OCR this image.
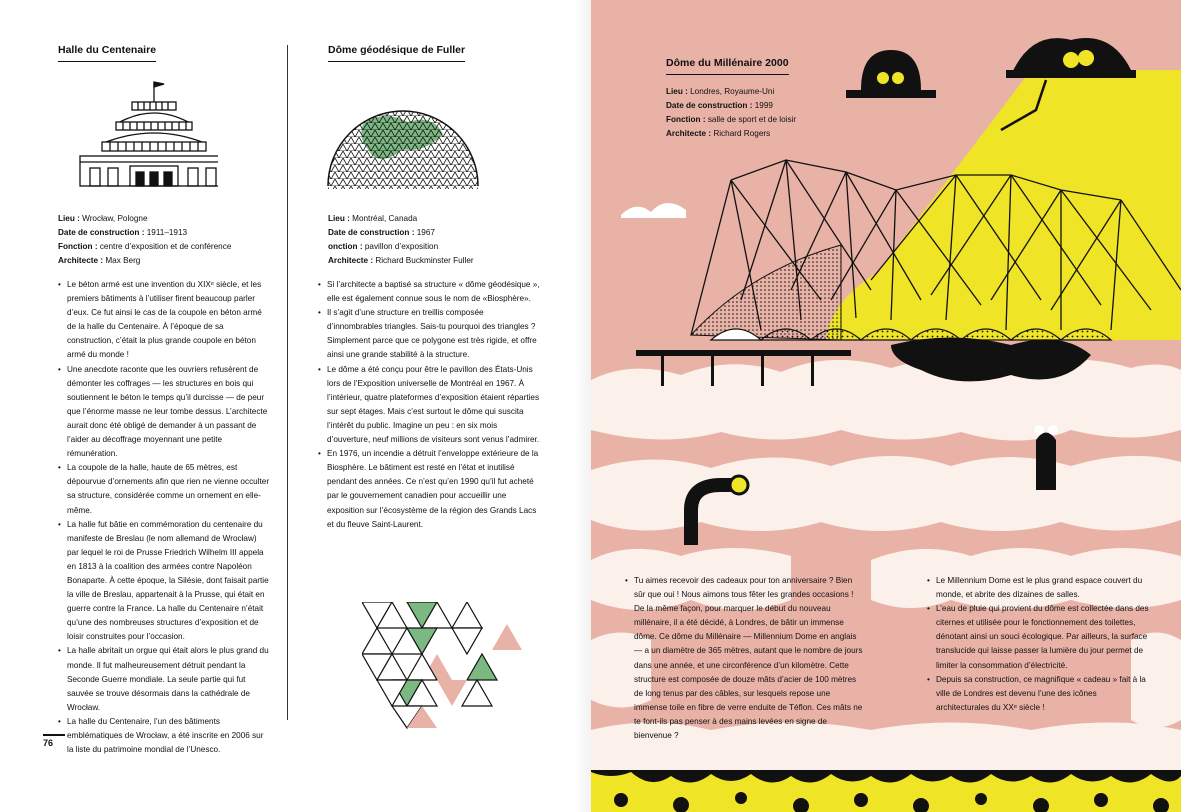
Halle du Centenaire
Lieu : Wrocław, Pologne
Date de construction : 1911–1913
Fonction : centre d’exposition et de conférence
Architecte : Max Berg
• Le béton armé est une invention du XIXᵉ siècle, et les premiers bâtiments à l’utiliser firent beaucoup parler d’eux. Ce fut ainsi le cas de la coupole en béton armé de la halle du Centenaire. À l’époque de sa construction, c’était la plus grande coupole en béton armé du monde !
• Une anecdote raconte que les ouvriers refusèrent de démonter les coffrages — les structures en bois qui soutiennent le béton le temps qu’il durcisse — de peur que l’énorme masse ne leur tombe dessus. L’architecte aurait donc été obligé de demander à un passant de l’aider au décoffrage moyennant une petite rémunération.
• La coupole de la halle, haute de 65 mètres, est dépourvue d’ornements afin que rien ne vienne occulter sa structure, considérée comme un ornement en elle-même.
• La halle fut bâtie en commémoration du centenaire du manifeste de Breslau (le nom allemand de Wrocław) par lequel le roi de Prusse Friedrich Wilhelm III appela en 1813 à la coalition des armées contre Napoléon Bonaparte. À cette époque, la Silésie, dont faisait partie la ville de Breslau, appartenait à la Prusse, qui était en guerre contre la France. La halle du Centenaire n’était qu’une des nombreuses structures d’exposition et de loisir construites pour l’occasion.
• La halle abritait un orgue qui était alors le plus grand du monde. Il fut malheureusement détruit pendant la Seconde Guerre mondiale. La seule partie qui fut sauvée se trouve désormais dans la cathédrale de Wrocław.
• La halle du Centenaire, l’un des bâtiments emblématiques de Wrocław, a été inscrite en 2006 sur la liste du patrimoine mondial de l’Unesco.
Dôme géodésique de Fuller
Lieu : Montréal, Canada
Date de construction : 1967
onction : pavillon d’exposition
Architecte : Richard Buckminster Fuller
• Si l’architecte a baptisé sa structure « dôme géodésique », elle est également connue sous le nom de «Biosphère».
• Il s’agit d’une structure en treillis composée d’innombrables triangles. Sais-tu pourquoi des triangles ? Simplement parce que ce polygone est très rigide, et offre ainsi une grande stabilité à la structure.
• Le dôme a été conçu pour être le pavillon des États-Unis lors de l’Exposition universelle de Montréal en 1967. À l’intérieur, quatre plateformes d’exposition étaient réparties sur sept étages. Mais c’est surtout le dôme qui suscita l’intérêt du public. Imagine un peu : en six mois d’ouverture, neuf millions de visiteurs sont venus l’admirer.
• En 1976, un incendie a détruit l’enveloppe extérieure de la Biosphère. Le bâtiment est resté en l’état et inutilisé pendant des années. Ce n’est qu’en 1990 qu’il fut acheté par le gouvernement canadien pour accueillir une exposition sur l’écosystème de la région des Grands Lacs et du fleuve Saint-Laurent.
76
Dôme du Millénaire 2000
Lieu : Londres, Royaume-Uni
Date de construction : 1999
Fonction : salle de sport et de loisir
Architecte : Richard Rogers
• Tu aimes recevoir des cadeaux pour ton anniversaire ? Bien sûr que oui ! Nous aimons tous fêter les grandes occasions ! De la même façon, pour marquer le début du nouveau millénaire, il a été décidé, à Londres, de bâtir un immense dôme. Ce dôme du Millénaire — Millennium Dome en anglais — a un diamètre de 365 mètres, autant que le nombre de jours dans une année, et une circonférence d’un kilomètre. Cette structure est composée de douze mâts d’acier de 100 mètres de long tenus par des câbles, sur lesquels repose une immense toile en fibre de verre enduite de Téflon. Ces mâts ne te font-ils pas penser à des mains levées en signe de bienvenue ?
• Le Millennium Dome est le plus grand espace couvert du monde, et abrite des dizaines de salles.
• L’eau de pluie qui provient du dôme est collectée dans des citernes et utilisée pour le fonctionnement des toilettes, dénotant ainsi un souci écologique. Par ailleurs, la surface translucide qui laisse passer la lumière du jour permet de limiter la consommation d’électricité.
• Depuis sa construction, ce magnifique « cadeau » fait à la ville de Londres est devenu l’une des icônes architecturales du XXᵉ siècle !
